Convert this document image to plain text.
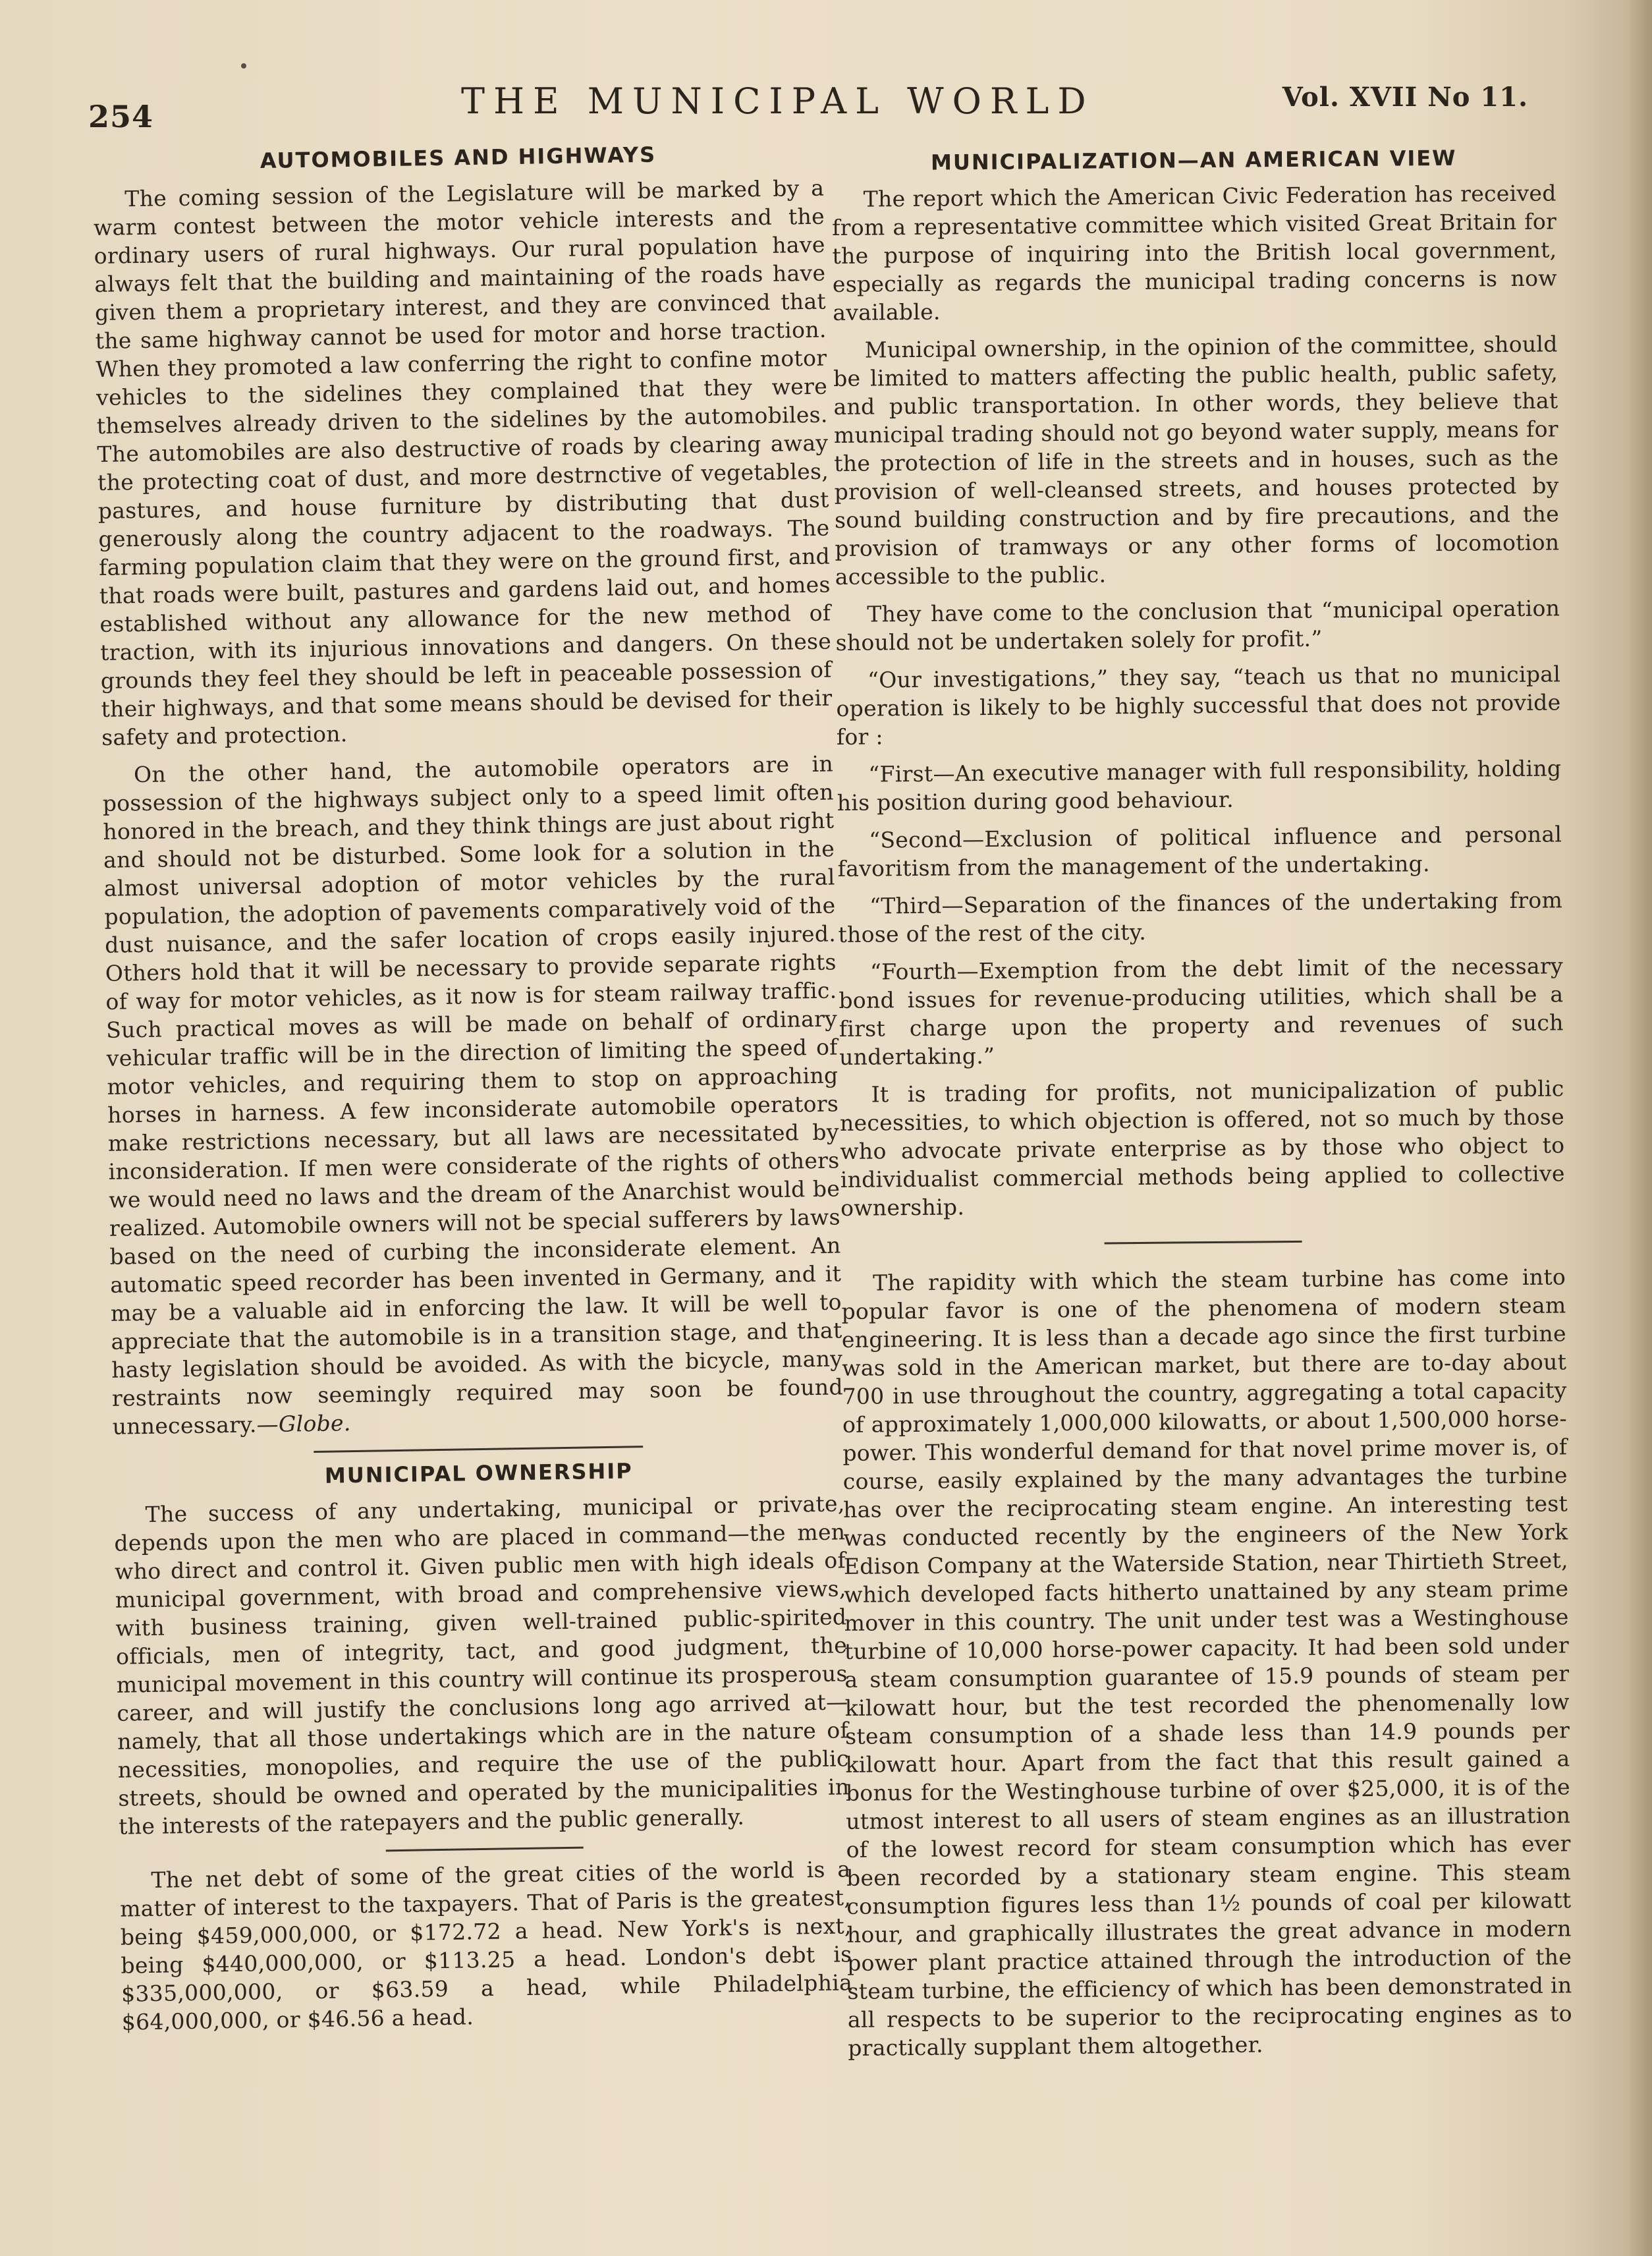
254	THE MUNICIPAL WORLD	Vol. XVII No 11.
AUTOMOBILES AND HIGHWAYS

The coming session of the Legislature will be marked by a warm contest between the motor vehicle interests and the ordinary users of rural highways. Our rural population have always felt that the building and maintaining of the roads have given them a proprietary interest, and they are convinced that the same highway cannot be used for motor and horse traction. When they promoted a law conferring the right to confine motor vehicles to the sidelines they complained that they were themselves already driven to the sidelines by the automobiles. The automobiles are also destructive of roads by clearing away the protecting coat of dust, and more destrnctive of vegetables, pastures, and house furniture by distributing that dust generously along the country adjacent to the roadways. The farming population claim that they were on the ground first, and that roads were built, pastures and gardens laid out, and homes established without any allowance for the new method of traction, with its injurious innovations and dangers. On these grounds they feel they should be left in peaceable possession of their highways, and that some means should be devised for their safety and protection.

On the other hand, the automobile operators are in possession of the highways subject only to a speed limit often honored in the breach, and they think things are just about right and should not be disturbed. Some look for a solution in the almost universal adoption of motor vehicles by the rural population, the adoption of pavements comparatively void of the dust nuisance, and the safer location of crops easily injured. Others hold that it will be necessary to provide separate rights of way for motor vehicles, as it now is for steam railway traffic. Such practical moves as will be made on behalf of ordinary vehicular traffic will be in the direction of limiting the speed of motor vehicles, and requiring them to stop on approaching horses in harness. A few inconsiderate automobile operators make restrictions necessary, but all laws are necessitated by inconsideration. If men were considerate of the rights of others we would need no laws and the dream of the Anarchist would be realized. Automobile owners will not be special sufferers by laws based on the need of curbing the inconsiderate element. An automatic speed recorder has been invented in Germany, and it may be a valuable aid in enforcing the law. It will be well to appreciate that the automobile is in a transition stage, and that hasty legislation should be avoided. As with the bicycle, many restraints now seemingly required may soon be found unnecessary.—Globe.

MUNICIPAL OWNERSHIP

The success of any undertaking, municipal or private, depends upon the men who are placed in command—the men who direct and control it. Given public men with high ideals of municipal government, with broad and comprehensive views, with business training, given well-trained public-spirited officials, men of integrity, tact, and good judgment, the municipal movement in this country will continue its prosperous career, and will justify the conclusions long ago arrived at—namely, that all those undertakings which are in the nature of necessities, monopolies, and require the use of the public streets, should be owned and operated by the municipalities in the interests of the ratepayers and the public generally.

The net debt of some of the great cities of the world is a matter of interest to the taxpayers. That of Paris is the greatest, being $459,000,000, or $172.72 a head. New York's is next, being $440,000,000, or $113.25 a head. London's debt is $335,000,000, or $63.59 a head, while Philadelphia $64,000,000, or $46.56 a head.

MUNICIPALIZATION—AN AMERICAN VIEW

The report which the American Civic Federation has received from a representative committee which visited Great Britain for the purpose of inquiring into the British local government, especially as regards the municipal trading concerns is now available.

Municipal ownership, in the opinion of the committee, should be limited to matters affecting the public health, public safety, and public transportation. In other words, they believe that municipal trading should not go beyond water supply, means for the protection of life in the streets and in houses, such as the provision of well-cleansed streets, and houses protected by sound building construction and by fire precautions, and the provision of tramways or any other forms of locomotion accessible to the public.

They have come to the conclusion that “municipal operation should not be undertaken solely for profit.”

“Our investigations,” they say, “teach us that no municipal operation is likely to be highly successful that does not provide for :

“First—An executive manager with full responsibility, holding his position during good behaviour.

“Second—Exclusion of political influence and personal favoritism from the management of the undertaking.

“Third—Separation of the finances of the undertaking from those of the rest of the city.

“Fourth—Exemption from the debt limit of the necessary bond issues for revenue-producing utilities, which shall be a first charge upon the property and revenues of such undertaking.”

It is trading for profits, not municipalization of public necessities, to which objection is offered, not so much by those who advocate private enterprise as by those who object to individualist commercial methods being applied to collective ownership.

The rapidity with which the steam turbine has come into popular favor is one of the phenomena of modern steam engineering. It is less than a decade ago since the first turbine was sold in the American market, but there are to-day about 700 in use throughout the country, aggregating a total capacity of approximately 1,000,000 kilowatts, or about 1,500,000 horse-power. This wonderful demand for that novel prime mover is, of course, easily explained by the many advantages the turbine has over the reciprocating steam engine. An interesting test was conducted recently by the engineers of the New York Edison Company at the Waterside Station, near Thirtieth Street, which developed facts hitherto unattained by any steam prime mover in this country. The unit under test was a Westinghouse turbine of 10,000 horse-power capacity. It had been sold under a steam consumption guarantee of 15.9 pounds of steam per kilowatt hour, but the test recorded the phenomenally low steam consumption of a shade less than 14.9 pounds per kilowatt hour. Apart from the fact that this result gained a bonus for the Westinghouse turbine of over $25,000, it is of the utmost interest to all users of steam engines as an illustration of the lowest record for steam consumption which has ever been recorded by a stationary steam engine. This steam consumption figures less than 1½ pounds of coal per kilowatt hour, and graphically illustrates the great advance in modern power plant practice attained through the introduction of the steam turbine, the efficiency of which has been demonstrated in all respects to be superior to the reciprocating engines as to practically supplant them altogether.
